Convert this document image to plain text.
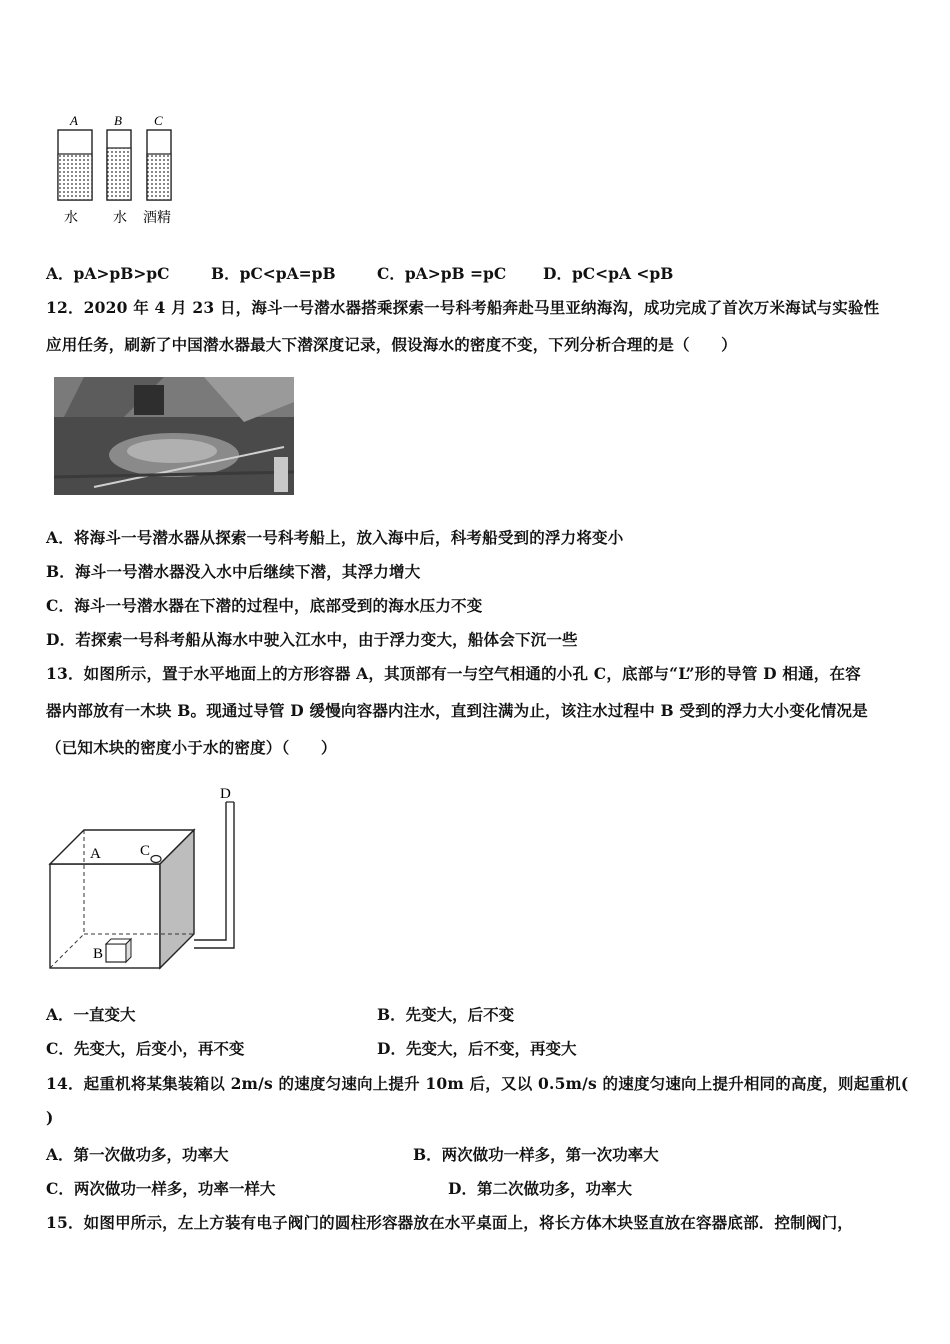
A	B C
水	水 酒精
A．pA>pB>pC	B．pC<pA=pB	C．pA>pB =pC D．pC<pA <pB
12．2020 年 4 月 23 日，海斗一号潜水器搭乘探索一号科考船奔赴马里亚纳海沟，成功完成了首次万米海试与实验性
应用任务，刷新了中国潜水器最大下潜深度记录，假设海水的密度不变，下列分析合理的是（　　）
A．将海斗一号潜水器从探索一号科考船上，放入海中后，科考船受到的浮力将变小
B．海斗一号潜水器没入水中后继续下潜，其浮力增大
C．海斗一号潜水器在下潜的过程中，底部受到的海水压力不变
D．若探索一号科考船从海水中驶入江水中，由于浮力变大，船体会下沉一些
13．如图所示，置于水平地面上的方形容器 A，其顶部有一与空气相通的小孔 C，底部与“L”形的导管 D 相通，在容
器内部放有一木块 B。现通过导管 D 缓慢向容器内注水，直到注满为止，该注水过程中 B 受到的浮力大小变化情况是
（已知木块的密度小于水的密度）（　　）
A	C
B
D
A．一直变大	B．先变大，后不变
C．先变大，后变小，再不变	D．先变大，后不变，再变大
14．起重机将某集装箱以 2m/s 的速度匀速向上提升 10m 后，又以 0.5m/s 的速度匀速向上提升相同的高度，则起重机(
)
A．第一次做功多，功率大	B．两次做功一样多，第一次功率大
C．两次做功一样多，功率一样大	D．第二次做功多，功率大
15．如图甲所示，左上方装有电子阀门的圆柱形容器放在水平桌面上，将长方体木块竖直放在容器底部．控制阀门，
